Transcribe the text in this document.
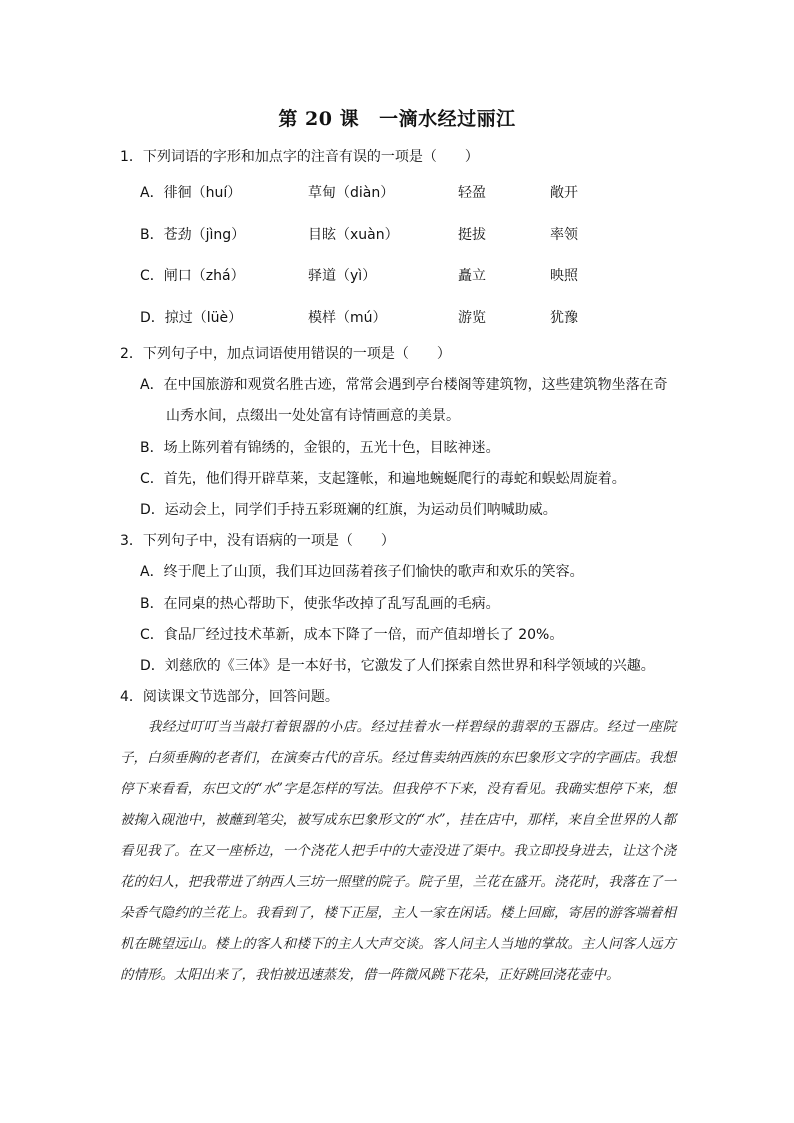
第 20 课 一滴水经过丽江
1．下列词语的字形和加点字的注音有误的一项是（　　）
A．徘徊（huí）	草甸（diàn）	轻盈	敞开
B．苍劲（jìng）	目眩（xuàn）	挺拔	率领
C．闸口（zhá）	驿道（yì）	矗立	映照
D．掠过（lüè）	模样（mú）	游览	犹豫
2．下列句子中，加点词语使用错误的一项是（　　）
A．在中国旅游和观赏名胜古迹，常常会遇到亭台楼阁等建筑物，这些建筑物坐落在奇
山秀水间，点缀出一处处富有诗情画意的美景。
B．场上陈列着有锦绣的，金银的，五光十色，目眩神迷。
C．首先，他们得开辟草莱，支起篷帐，和遍地蜿蜒爬行的毒蛇和蜈蚣周旋着。
D．运动会上，同学们手持五彩斑斓的红旗，为运动员们呐喊助威。
3．下列句子中，没有语病的一项是（　　）
A．终于爬上了山顶，我们耳边回荡着孩子们愉快的歌声和欢乐的笑容。
B．在同桌的热心帮助下，使张华改掉了乱写乱画的毛病。
C．食品厂经过技术革新，成本下降了一倍，而产值却增长了 20%。
D．刘慈欣的《三体》是一本好书，它激发了人们探索自然世界和科学领域的兴趣。
4．阅读课文节选部分，回答问题。
我经过叮叮当当敲打着银器的小店。经过挂着水一样碧绿的翡翠的玉器店。经过一座院子，白须垂胸的老者们，在演奏古代的音乐。经过售卖纳西族的东巴象形文字的字画店。我想停下来看看，东巴文的“水”字是怎样的写法。但我停不下来，没有看见。我确实想停下来，想被掬入砚池中，被蘸到笔尖，被写成东巴象形文的“水”，挂在店中，那样，来自全世界的人都看见我了。在又一座桥边，一个浇花人把手中的大壶没进了渠中。我立即投身进去，让这个浇花的妇人，把我带进了纳西人三坊一照壁的院子。院子里，兰花在盛开。浇花时，我落在了一朵香气隐约的兰花上。我看到了，楼下正屋，主人一家在闲话。楼上回廊，寄居的游客端着相机在眺望远山。楼上的客人和楼下的主人大声交谈。客人问主人当地的掌故。主人问客人远方的情形。太阳出来了，我怕被迅速蒸发，借一阵微风跳下花朵，正好跳回浇花壶中。
